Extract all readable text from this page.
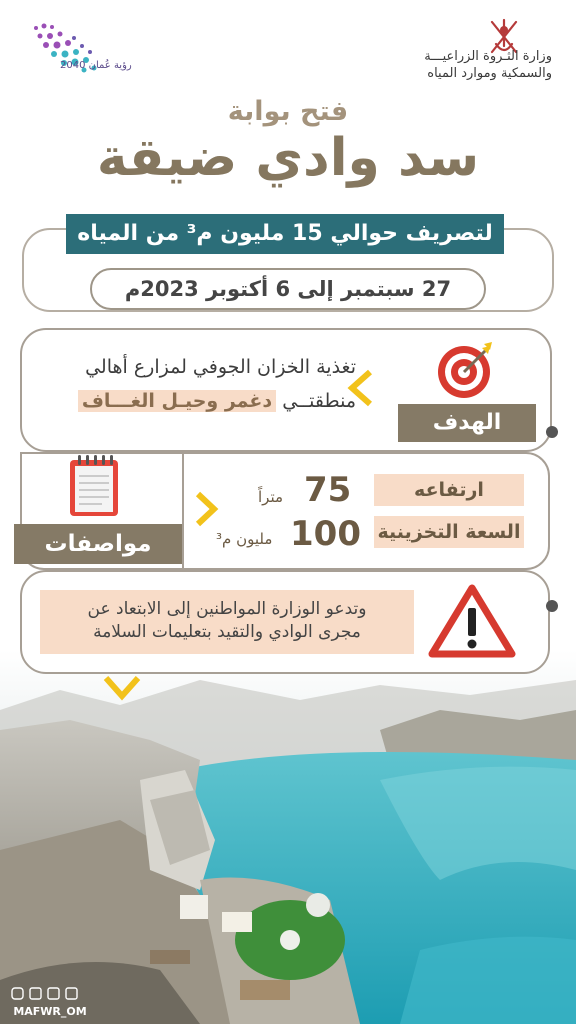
رؤية عُمان 2040
وزارة الثـروة الزراعيـــة
والسمكية وموارد المياه
فتح بوابة
سد وادي ضيقة
لتصريف حوالي 15 مليون م³ من المياه
27 سبتمبر إلى 6 أكتوبر 2023م
تغذية الخزان الجوفي لمزارع أهالي
منطقتــي دغمر وحيـل الغـــاف
الهدف
مواصفات
ارتفاعه
75
متراً
السعة التخزينية
100
مليون م³
وتدعو الوزارة المواطنين إلى الابتعاد عن
مجرى الوادي والتقيد بتعليمات السلامة
MAFWR_OM
